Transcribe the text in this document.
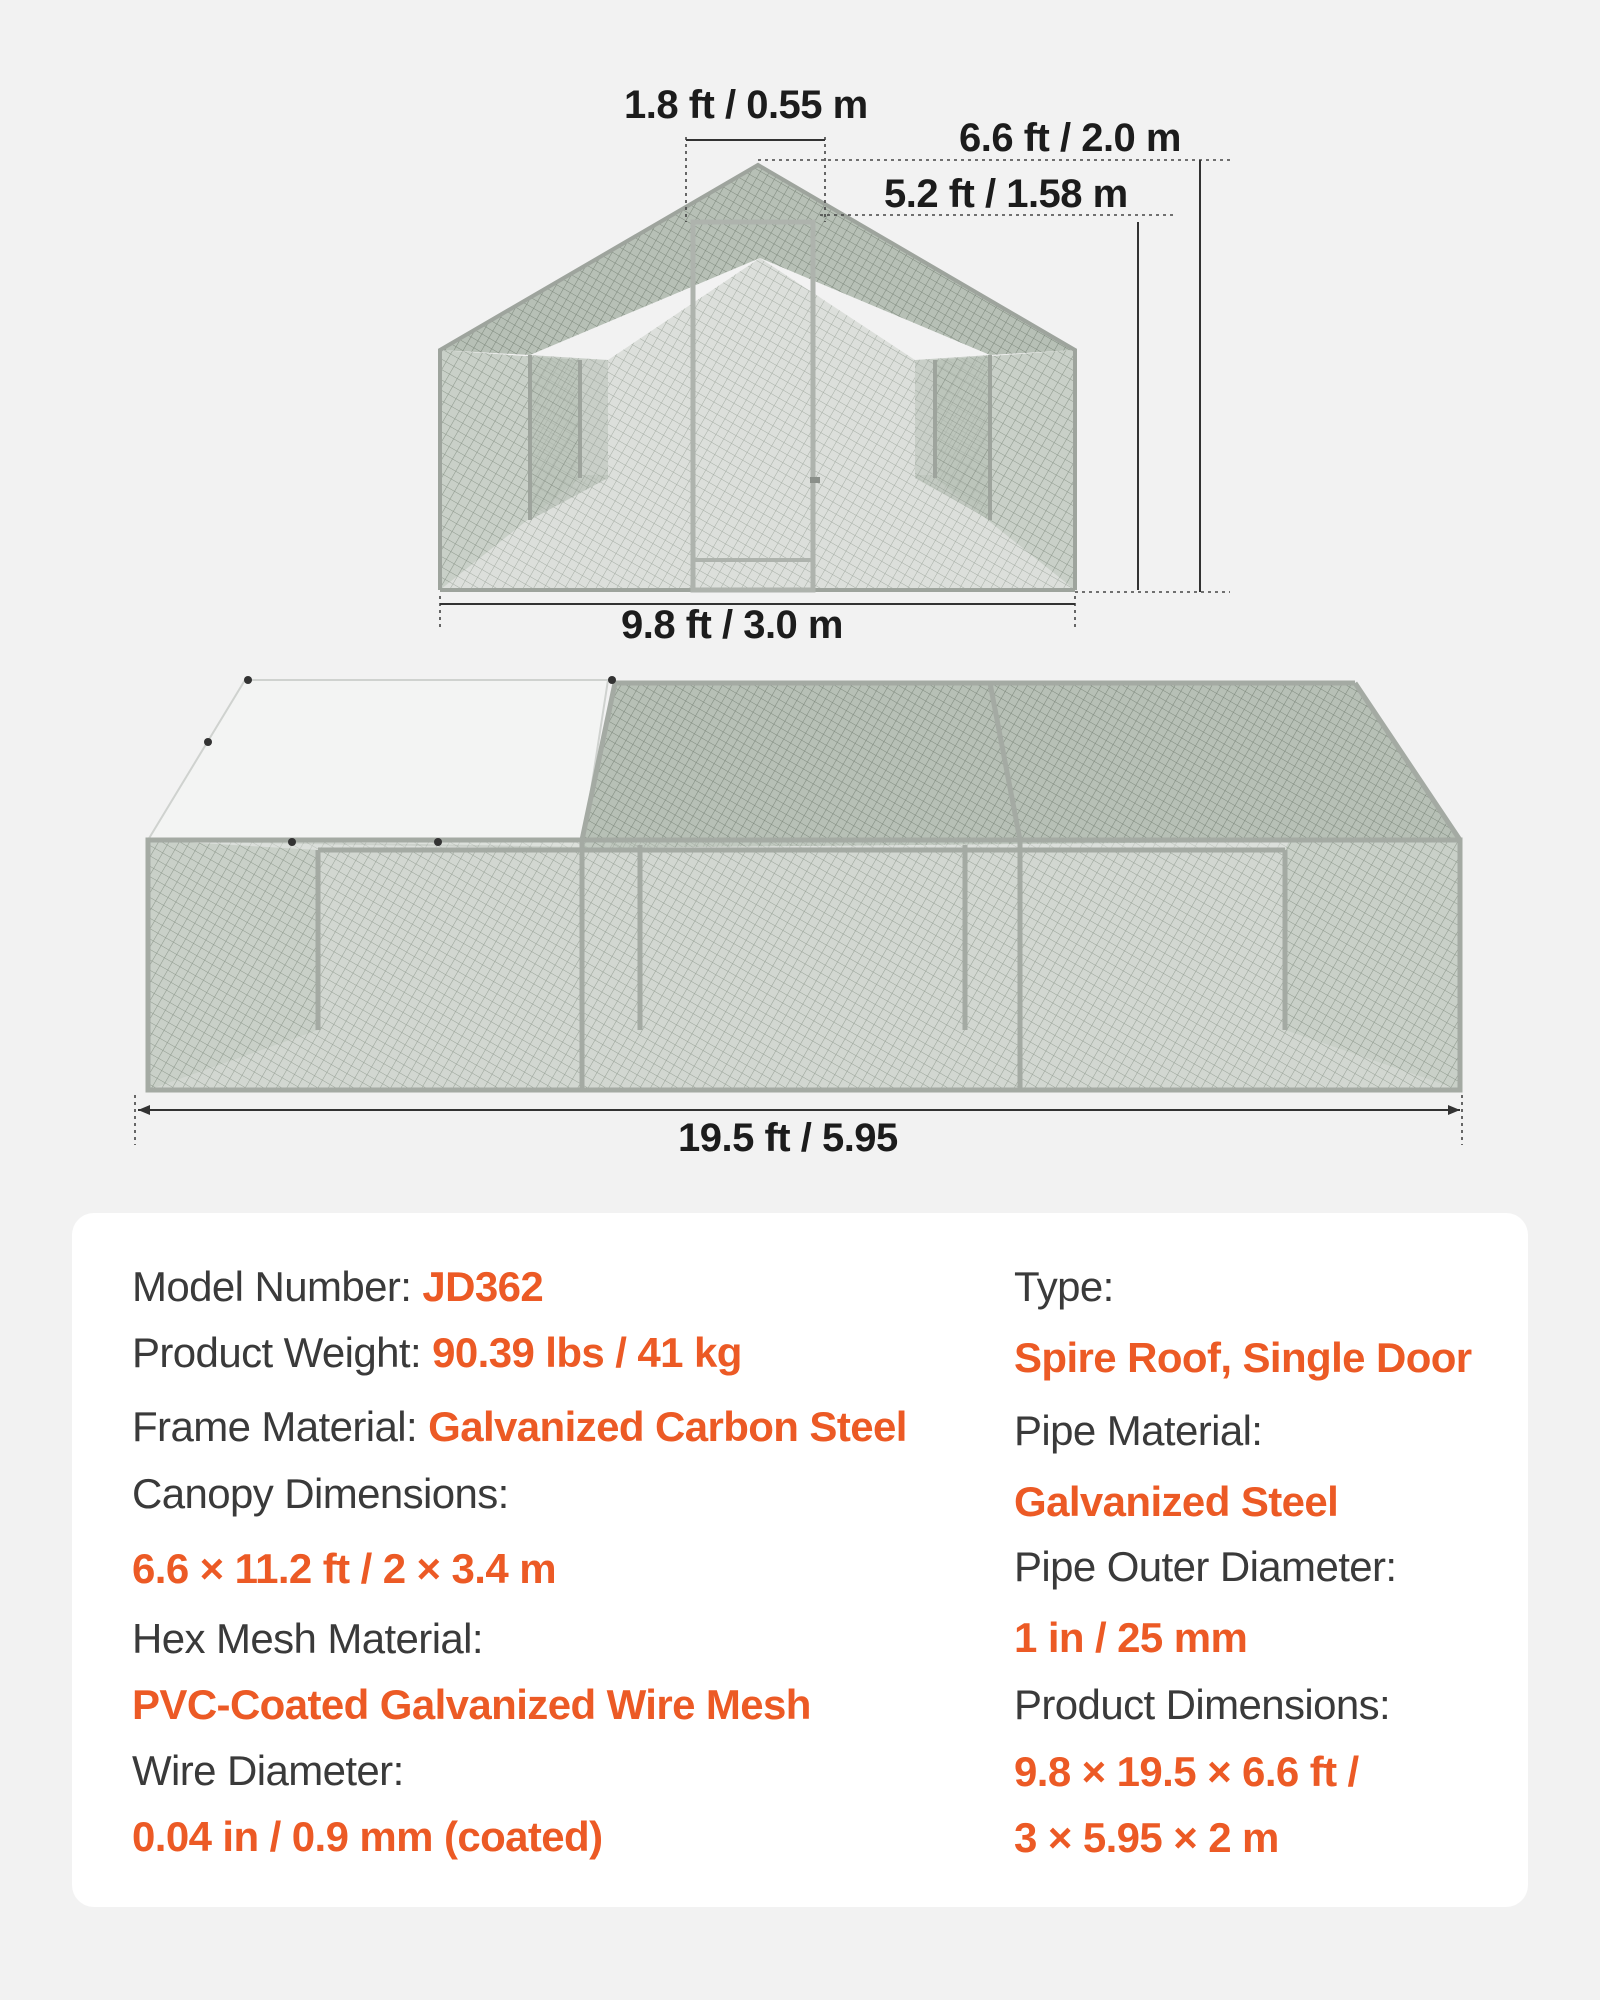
1.8 ft / 0.55 m
6.6 ft / 2.0 m
5.2 ft / 1.58 m
9.8 ft / 3.0 m
19.5 ft / 5.95
Model Number: JD362
Product Weight: 90.39 lbs / 41 kg
Frame Material: Galvanized Carbon Steel
Canopy Dimensions:
6.6 × 11.2 ft / 2 × 3.4 m
Hex Mesh Material:
PVC-Coated Galvanized Wire Mesh
Wire Diameter:
0.04 in / 0.9 mm (coated)
Type:
Spire Roof, Single Door
Pipe Material:
Galvanized Steel
Pipe Outer Diameter:
1 in / 25 mm
Product Dimensions:
9.8 × 19.5 × 6.6 ft /
3 × 5.95 × 2 m
